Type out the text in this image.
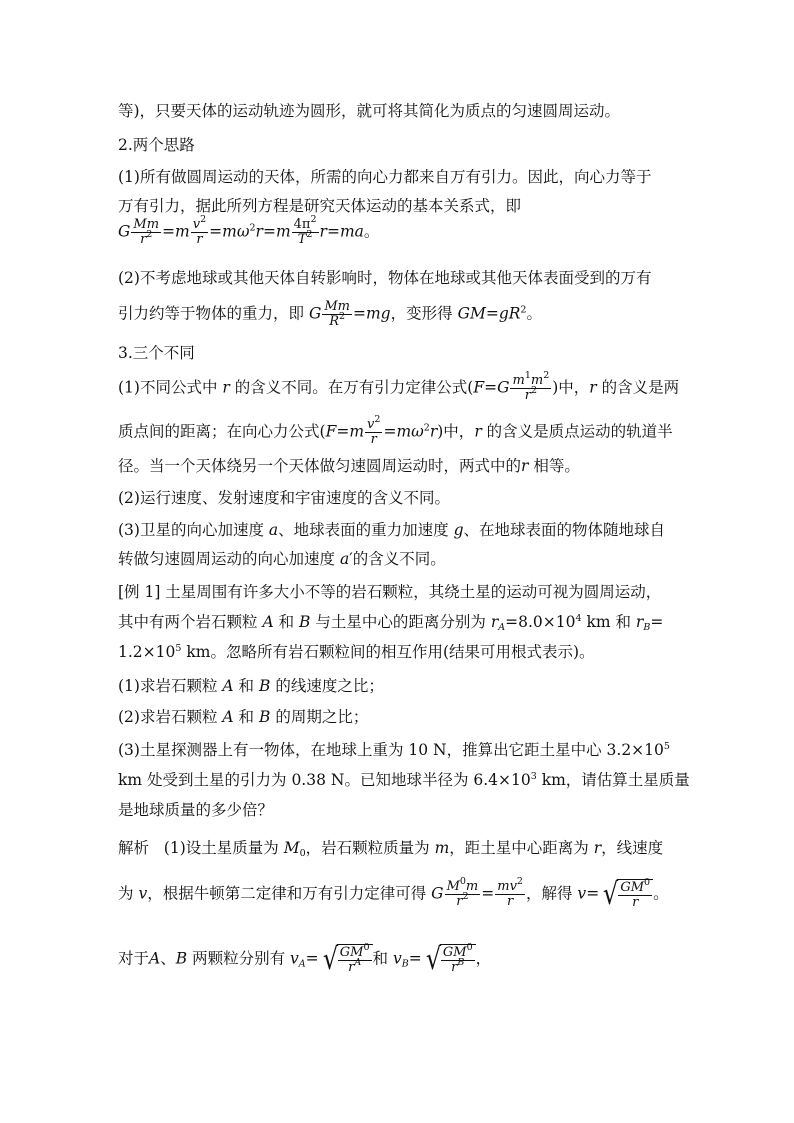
等)，只要天体的运动轨迹为圆形，就可将其简化为质点的匀速圆周运动。
2.两个思路
(1)所有做圆周运动的天体，所需的向心力都来自万有引力。因此，向心力等于
万有引力，据此所列方程是研究天体运动的基本关系式，即
G $\frac{Mm}{r^2} =m \frac{v^2}{r} =m\omega^2r=m \frac{4\pi^2}{T^2} r=ma$。
(2)不考虑地球或其他天体自转影响时，物体在地球或其他天体表面受到的万有
引力约等于物体的重力，即 G $\frac{Mm}{R^2} =mg$，变形得 $GM=gR^2$。
3.三个不同
(1)不同公式中 r 的含义不同。在万有引力定律公式($F=G \frac{m^1m^2}{r^2}$ )中，r 的含义是两
质点间的距离；在向心力公式$(F=m \frac{v^2}{r} =m\omega^2r)$中，r 的含义是质点运动的轨道半
径。当一个天体绕另一个天体做匀速圆周运动时，两式中的r 相等。
(2)运行速度、发射速度和宇宙速度的含义不同。
(3)卫星的向心加速度 a、地球表面的重力加速度 g、在地球表面的物体随地球自
转做匀速圆周运动的向心加速度 a′的含义不同。
[例 1] 土星周围有许多大小不等的岩石颗粒，其绕土星的运动可视为圆周运动，
其中有两个岩石颗粒 A 和 B 与土星中心的距离分别为 $r_A=8.0\times 10^4$ km 和 $r_B=$
$1.2\times 10^5$ km。忽略所有岩石颗粒间的相互作用(结果可用根式表示)。
(1)求岩石颗粒 A 和 B 的线速度之比；
(2)求岩石颗粒 A 和 B 的周期之比；
(3)土星探测器上有一物体，在地球上重为 10 N，推算出它距土星中心 $3.2\times 10^5$
km 处受到土星的引力为 0.38 N。已知地球半径为 $6.4\times 10^3$ km，请估算土星质量
是地球质量的多少倍？
解析 (1)设土星质量为 $M_0$，岩石颗粒质量为 m，距土星中心距离为 r，线速度
为 v，根据牛顿第二定律和万有引力定律可得 G $\frac{M^0m}{r^2} = \frac{mv^2}{r}$ ，解得 v= √ $\frac{GM^0}{r}$ 。
对于A、B 两颗粒分别有 $v_A=$ √ $\frac{GM^0}{r^A}$ 和 $v_B=$ √ $\frac{GM^0}{r^B}$ ，
